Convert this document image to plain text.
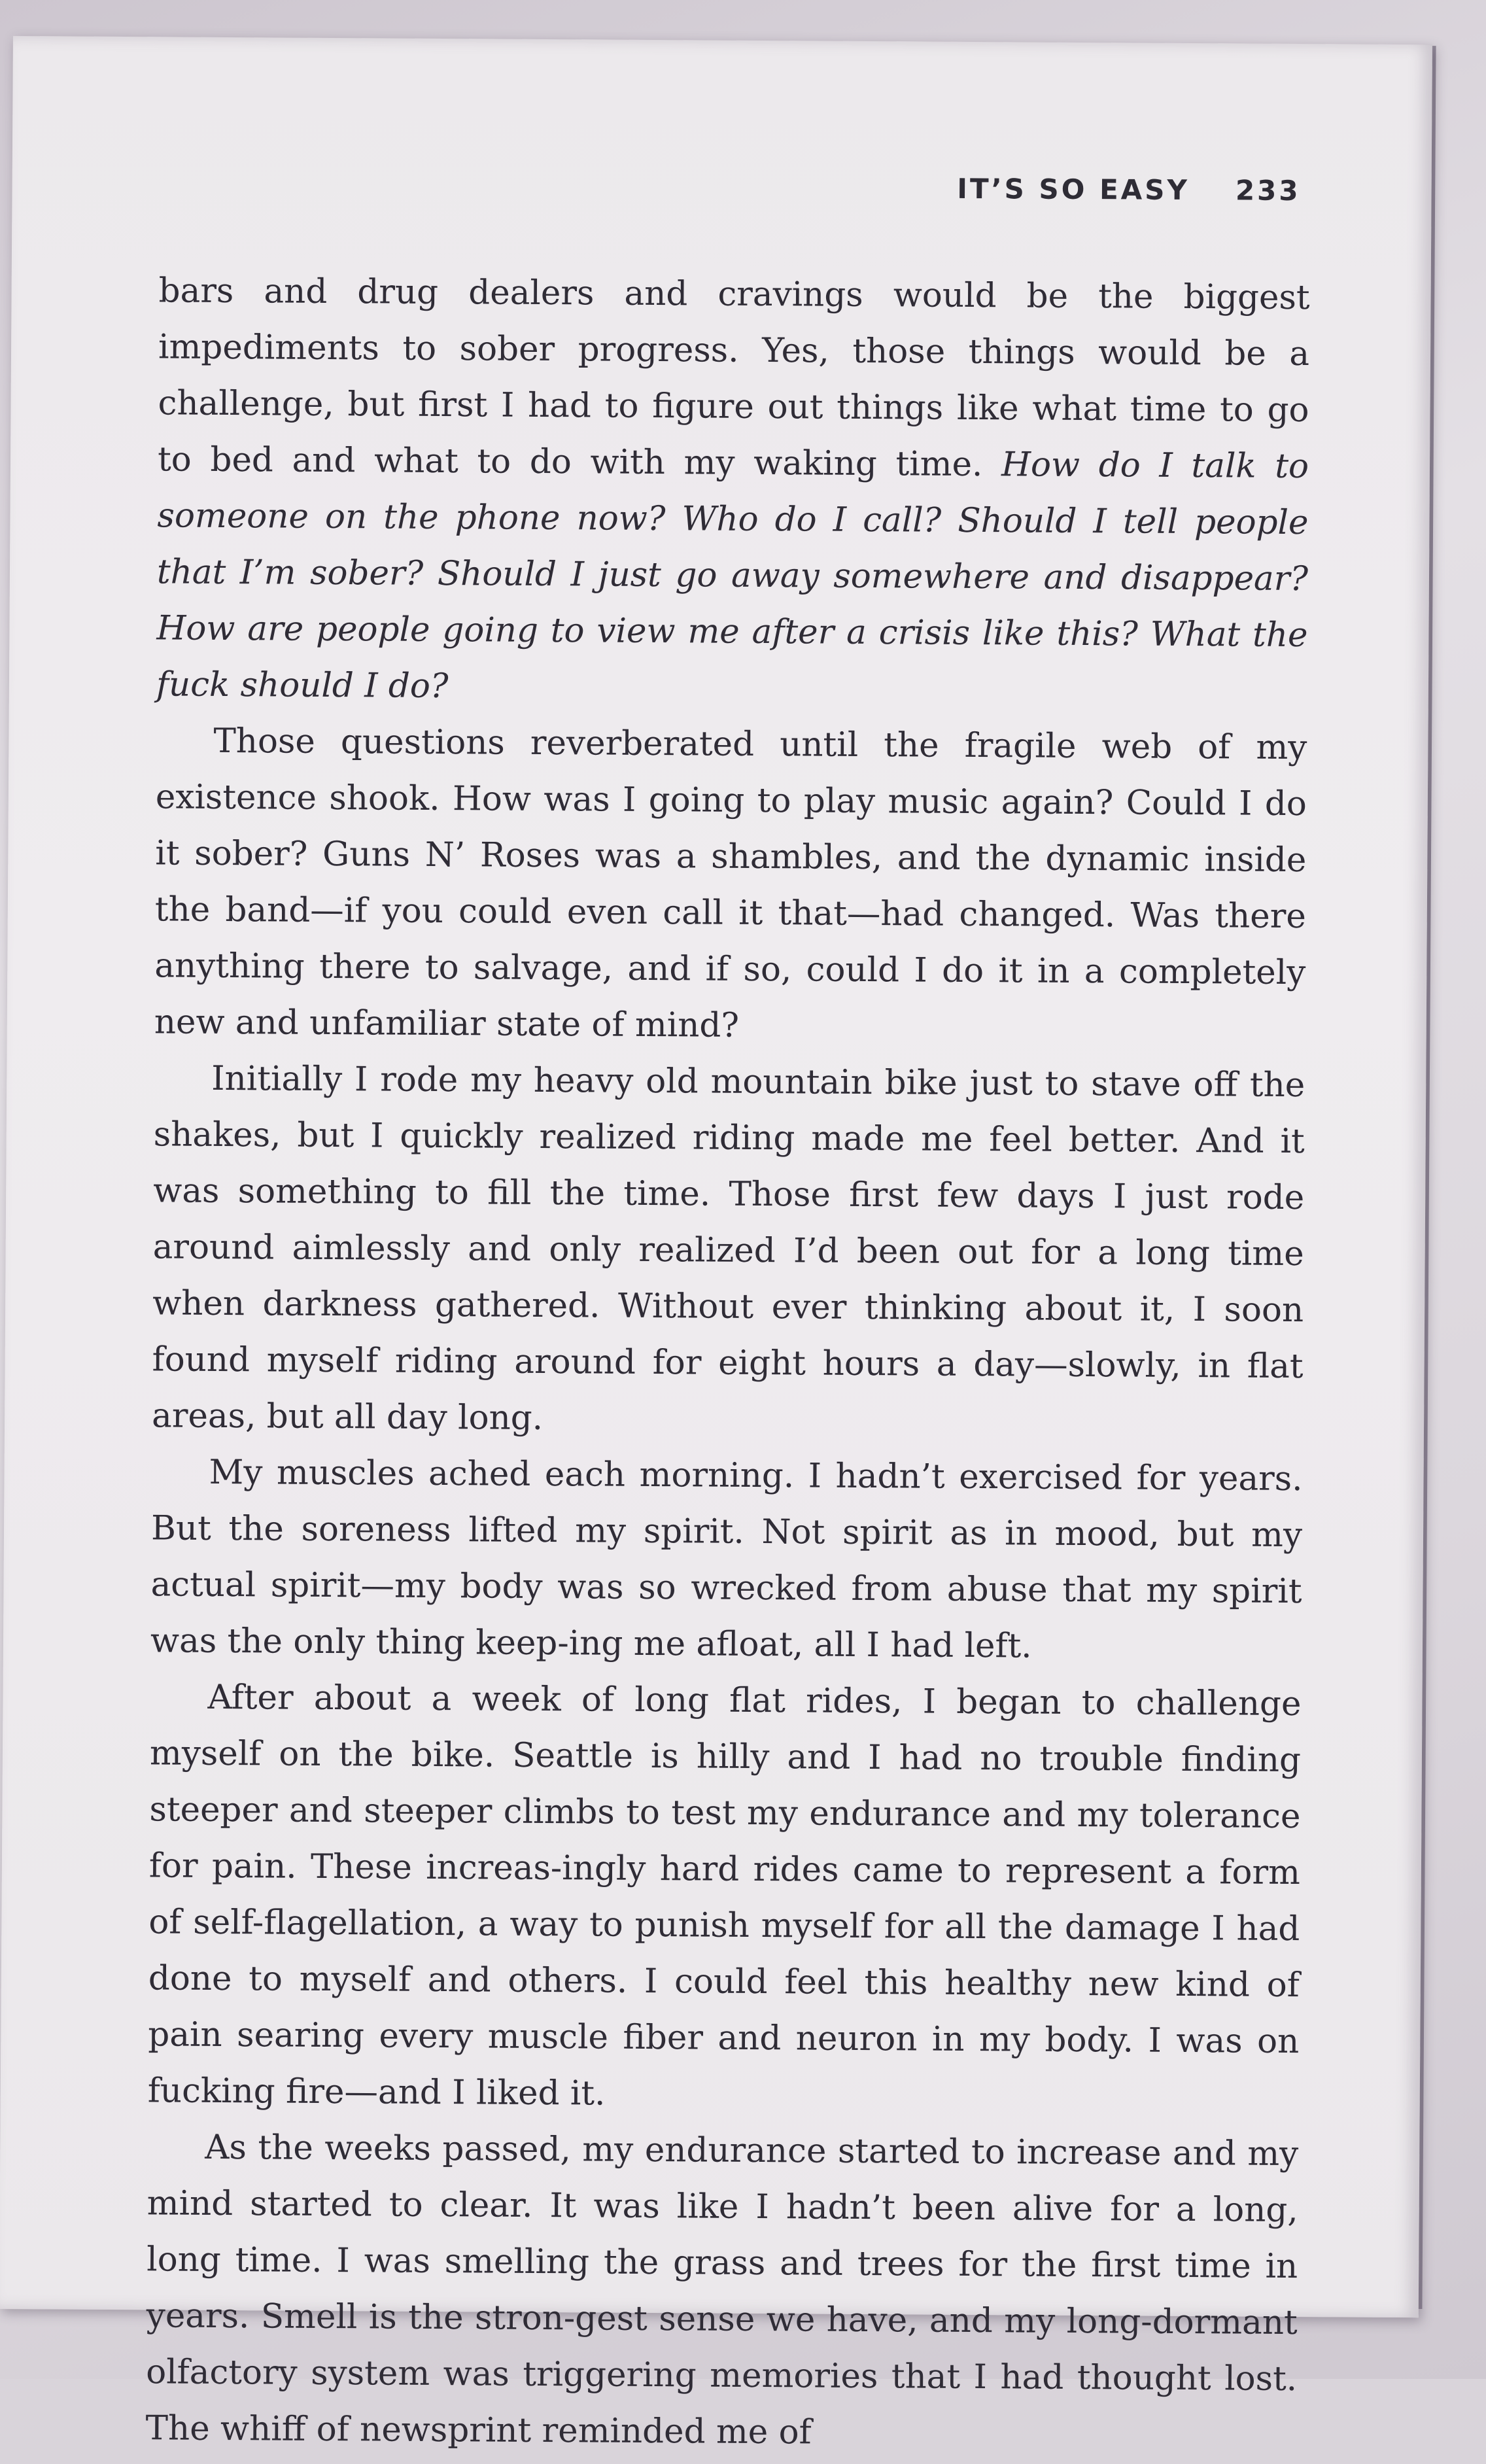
IT’S SO EASY 233

bars and drug dealers and cravings would be the biggest impediments to sober progress. Yes, those things would be a challenge, but first I had to figure out things like what time to go to bed and what to do with my waking time. How do I talk to someone on the phone now? Who do I call? Should I tell people that I’m sober? Should I just go away somewhere and disappear? How are people going to view me after a crisis like this? What the fuck should I do?

Those questions reverberated until the fragile web of my existence shook. How was I going to play music again? Could I do it sober? Guns N’ Roses was a shambles, and the dynamic inside the band—if you could even call it that—had changed. Was there anything there to salvage, and if so, could I do it in a completely new and unfamiliar state of mind?

Initially I rode my heavy old mountain bike just to stave off the shakes, but I quickly realized riding made me feel better. And it was something to fill the time. Those first few days I just rode around aimlessly and only realized I’d been out for a long time when darkness gathered. Without ever thinking about it, I soon found myself riding around for eight hours a day—slowly, in flat areas, but all day long.

My muscles ached each morning. I hadn’t exercised for years. But the soreness lifted my spirit. Not spirit as in mood, but my actual spirit—my body was so wrecked from abuse that my spirit was the only thing keep-ing me afloat, all I had left.

After about a week of long flat rides, I began to challenge myself on the bike. Seattle is hilly and I had no trouble finding steeper and steeper climbs to test my endurance and my tolerance for pain. These increas-ingly hard rides came to represent a form of self-flagellation, a way to punish myself for all the damage I had done to myself and others. I could feel this healthy new kind of pain searing every muscle fiber and neuron in my body. I was on fucking fire—and I liked it.

As the weeks passed, my endurance started to increase and my mind started to clear. It was like I hadn’t been alive for a long, long time. I was smelling the grass and trees for the first time in years. Smell is the stron-gest sense we have, and my long-dormant olfactory system was triggering memories that I had thought lost. The whiff of newsprint reminded me of
